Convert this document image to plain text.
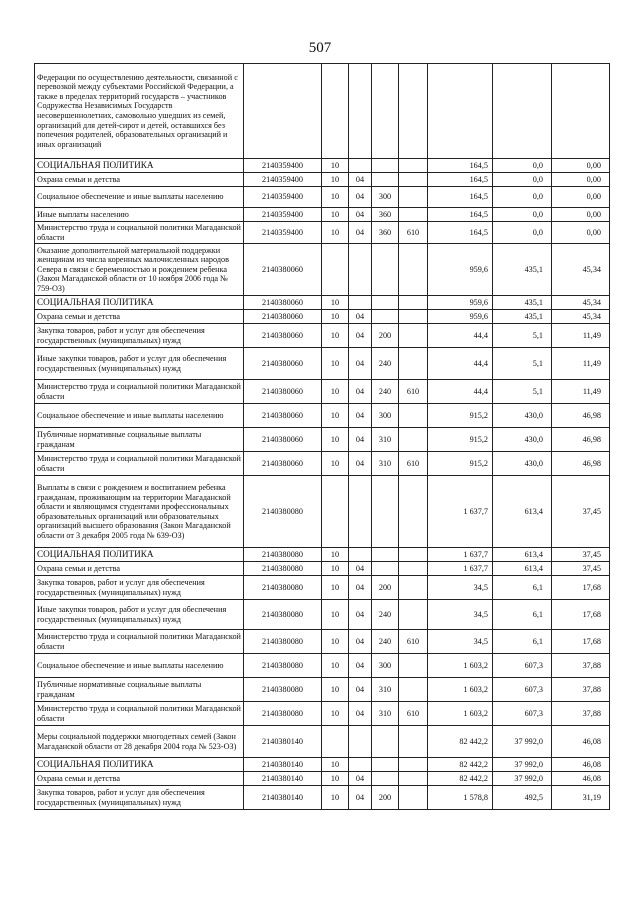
507
Федерации по осуществлению деятельности, связанной с перевозкой между субъектами Российской Федерации, а также в пределах территорий государств – участников Содружества Независимых Государств несовершеннолетних, самовольно ушедших из семей, организаций для детей-сирот и детей, оставшихся без попечения родителей, образовательных организаций и иных организаций								
СОЦИАЛЬНАЯ ПОЛИТИКА	2140359400	10				164,5	0,0	0,00
Охрана семьи и детства	2140359400	10	04			164,5	0,0	0,00
Социальное обеспечение и иные выплаты населению	2140359400	10	04	300		164,5	0,0	0,00
Иные выплаты населению	2140359400	10	04	360		164,5	0,0	0,00
Министерство труда и социальной политики Магаданской области	2140359400	10	04	360	610	164,5	0,0	0,00
Оказание дополнительной материальной поддержки женщинам из числа коренных малочисленных народов Севера в связи с беременностью и рождением ребенка (Закон Магаданской области от 10 ноября 2006 года № 759-ОЗ)	2140380060					959,6	435,1	45,34
СОЦИАЛЬНАЯ ПОЛИТИКА	2140380060	10				959,6	435,1	45,34
Охрана семьи и детства	2140380060	10	04			959,6	435,1	45,34
Закупка товаров, работ и услуг для обеспечения государственных (муниципальных) нужд	2140380060	10	04	200		44,4	5,1	11,49
Иные закупки товаров, работ и услуг для обеспечения государственных (муниципальных) нужд	2140380060	10	04	240		44,4	5,1	11,49
Министерство труда и социальной политики Магаданской области	2140380060	10	04	240	610	44,4	5,1	11,49
Социальное обеспечение и иные выплаты населению	2140380060	10	04	300		915,2	430,0	46,98
Публичные нормативные социальные выплаты гражданам	2140380060	10	04	310		915,2	430,0	46,98
Министерство труда и социальной политики Магаданской области	2140380060	10	04	310	610	915,2	430,0	46,98
Выплаты в связи с рождением и воспитанием ребенка гражданам, проживающим на территории Магаданской области и являющимся студентами профессиональных образовательных организаций или образовательных организаций высшего образования (Закон Магаданской области от 3 декабря 2005 года № 639-ОЗ)	2140380080					1 637,7	613,4	37,45
СОЦИАЛЬНАЯ ПОЛИТИКА	2140380080	10				1 637,7	613,4	37,45
Охрана семьи и детства	2140380080	10	04			1 637,7	613,4	37,45
Закупка товаров, работ и услуг для обеспечения государственных (муниципальных) нужд	2140380080	10	04	200		34,5	6,1	17,68
Иные закупки товаров, работ и услуг для обеспечения государственных (муниципальных) нужд	2140380080	10	04	240		34,5	6,1	17,68
Министерство труда и социальной политики Магаданской области	2140380080	10	04	240	610	34,5	6,1	17,68
Социальное обеспечение и иные выплаты населению	2140380080	10	04	300		1 603,2	607,3	37,88
Публичные нормативные социальные выплаты гражданам	2140380080	10	04	310		1 603,2	607,3	37,88
Министерство труда и социальной политики Магаданской области	2140380080	10	04	310	610	1 603,2	607,3	37,88
Меры социальной поддержки многодетных семей (Закон Магаданской области от 28 декабря 2004 года № 523-ОЗ)	2140380140					82 442,2	37 992,0	46,08
СОЦИАЛЬНАЯ ПОЛИТИКА	2140380140	10				82 442,2	37 992,0	46,08
Охрана семьи и детства	2140380140	10	04			82 442,2	37 992,0	46,08
Закупка товаров, работ и услуг для обеспечения государственных (муниципальных) нужд	2140380140	10	04	200		1 578,8	492,5	31,19
